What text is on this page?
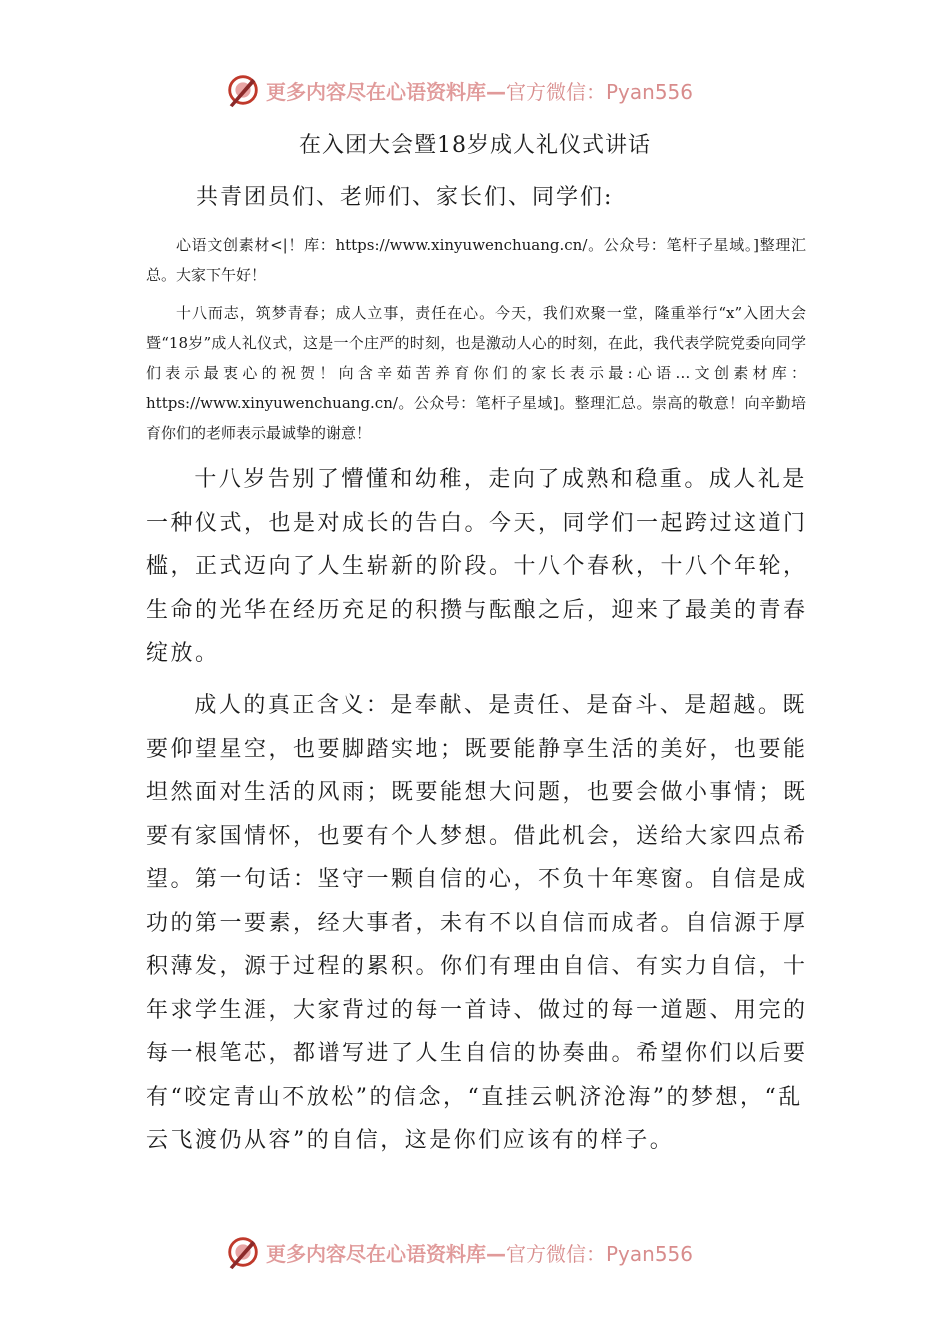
更多内容尽在心语资料库— 官方微信：Pyan556
在入团大会暨18岁成人礼仪式讲话
共青团员们、老师们、家长们、同学们:

心语文创素材<|！库：https://www.xinyuwenchuang.cn/。公众号：笔杆子星域。]整理汇总。大家下午好！

十八而志，筑梦青春；成人立事，责任在心。今天，我们欢聚一堂，隆重举行“x”入团大会暨“18岁”成人礼仪式，这是一个庄严的时刻，也是激动人心的时刻，在此，我代表学院党委向同学们表示最衷心的祝贺！向含辛茹苦养育你们的家长表示最:心语…文创素材库：https://www.xinyuwenchuang.cn/。公众号：笔杆子星域]。整理汇总。崇高的敬意！向辛勤培育你们的老师表示最诚挚的谢意！

十八岁告别了懵懂和幼稚，走向了成熟和稳重。成人礼是一种仪式，也是对成长的告白。今天，同学们一起跨过这道门槛，正式迈向了人生崭新的阶段。十八个春秋，十八个年轮，生命的光华在经历充足的积攒与酝酿之后，迎来了最美的青春绽放。

成人的真正含义：是奉献、是责任、是奋斗、是超越。既要仰望星空，也要脚踏实地；既要能静享生活的美好，也要能坦然面对生活的风雨；既要能想大问题，也要会做小事情；既要有家国情怀，也要有个人梦想。借此机会，送给大家四点希望。第一句话：坚守一颗自信的心，不负十年寒窗。自信是成功的第一要素，经大事者，未有不以自信而成者。自信源于厚积薄发，源于过程的累积。你们有理由自信、有实力自信，十年求学生涯，大家背过的每一首诗、做过的每一道题、用完的每一根笔芯，都谱写进了人生自信的协奏曲。希望你们以后要有“咬定青山不放松”的信念，“直挂云帆济沧海”的梦想，“乱云飞渡仍从容”的自信，这是你们应该有的样子。

更多内容尽在心语资料库— 官方微信：Pyan556
